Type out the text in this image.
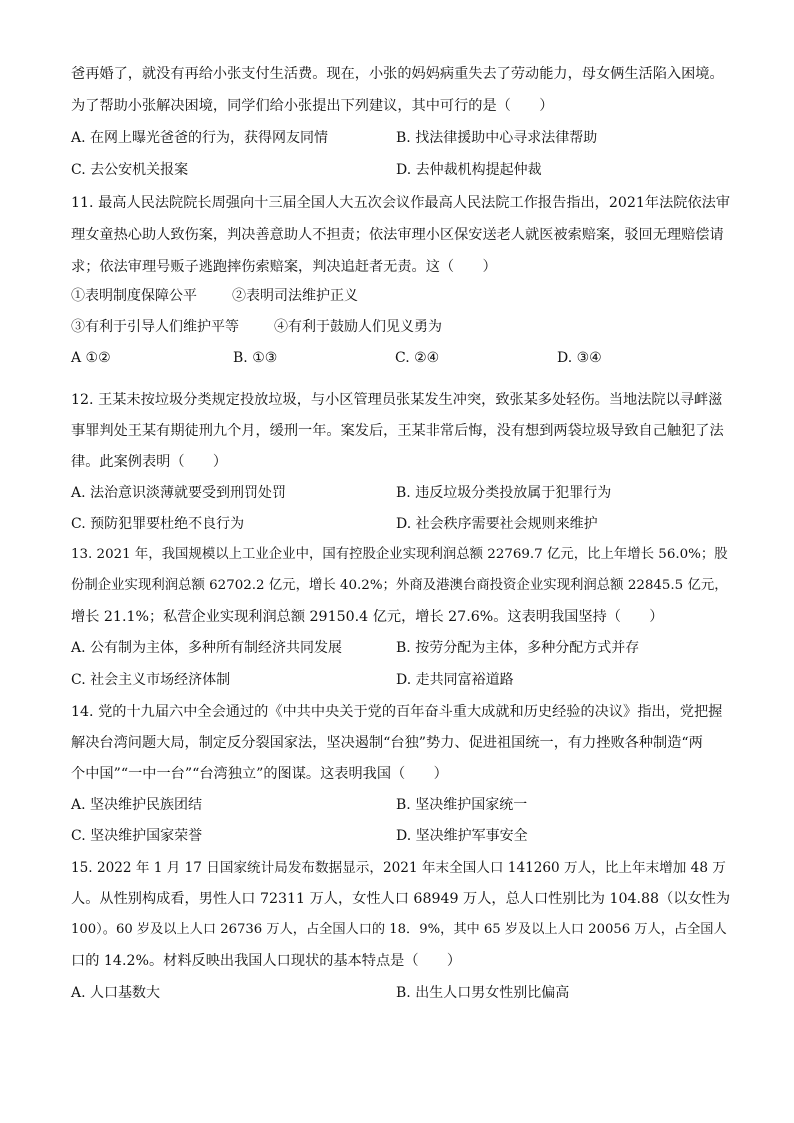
爸再婚了，就没有再给小张支付生活费。现在，小张的妈妈病重失去了劳动能力，母女俩生活陷入困境。
为了帮助小张解决困境，同学们给小张提出下列建议，其中可行的是（　　）
A. 在网上曝光爸爸的行为，获得网友同情	B. 找法律援助中心寻求法律帮助
C. 去公安机关报案	D. 去仲裁机构提起仲裁
11. 最高人民法院院长周强向十三届全国人大五次会议作最高人民法院工作报告指出，2021年法院依法审
理女童热心助人致伤案，判决善意助人不担责；依法审理小区保安送老人就医被索赔案，驳回无理赔偿请
求；依法审理号贩子逃跑摔伤索赔案，判决追赶者无责。这（　　）
①表明制度保障公平	②表明司法维护正义
③有利于引导人们维护平等	④有利于鼓励人们见义勇为
A ①②	B. ①③	C. ②④	D. ③④
12. 王某未按垃圾分类规定投放垃圾，与小区管理员张某发生冲突，致张某多处轻伤。当地法院以寻衅滋
事罪判处王某有期徒刑九个月，缓刑一年。案发后，王某非常后悔，没有想到两袋垃圾导致自己触犯了法
律。此案例表明（　　）
A. 法治意识淡薄就要受到刑罚处罚	B. 违反垃圾分类投放属于犯罪行为
C. 预防犯罪要杜绝不良行为	D. 社会秩序需要社会规则来维护
13. 2021 年，我国规模以上工业企业中，国有控股企业实现利润总额 22769.7 亿元，比上年增长 56.0%；股
份制企业实现利润总额 62702.2 亿元，增长 40.2%；外商及港澳台商投资企业实现利润总额 22845.5 亿元，
增长 21.1%；私营企业实现利润总额 29150.4 亿元，增长 27.6%。这表明我国坚持（　　）
A. 公有制为主体，多种所有制经济共同发展	B. 按劳分配为主体，多种分配方式并存
C. 社会主义市场经济体制	D. 走共同富裕道路
14. 党的十九届六中全会通过的《中共中央关于党的百年奋斗重大成就和历史经验的决议》指出，党把握
解决台湾问题大局，制定反分裂国家法，坚决遏制“台独”势力、促进祖国统一，有力挫败各种制造“两
个中国”“一中一台”“台湾独立”的图谋。这表明我国（　　）
A. 坚决维护民族团结	B. 坚决维护国家统一
C. 坚决维护国家荣誉	D. 坚决维护军事安全
15. 2022 年 1 月 17 日国家统计局发布数据显示，2021 年末全国人口 141260 万人，比上年末增加 48 万
人。从性别构成看，男性人口 72311 万人，女性人口 68949 万人，总人口性别比为 104.88（以女性为
100）。60 岁及以上人口 26736 万人，占全国人口的 18．9%，其中 65 岁及以上人口 20056 万人，占全国人
口的 14.2%。材料反映出我国人口现状的基本特点是（　　）
A. 人口基数大	B. 出生人口男女性别比偏高
